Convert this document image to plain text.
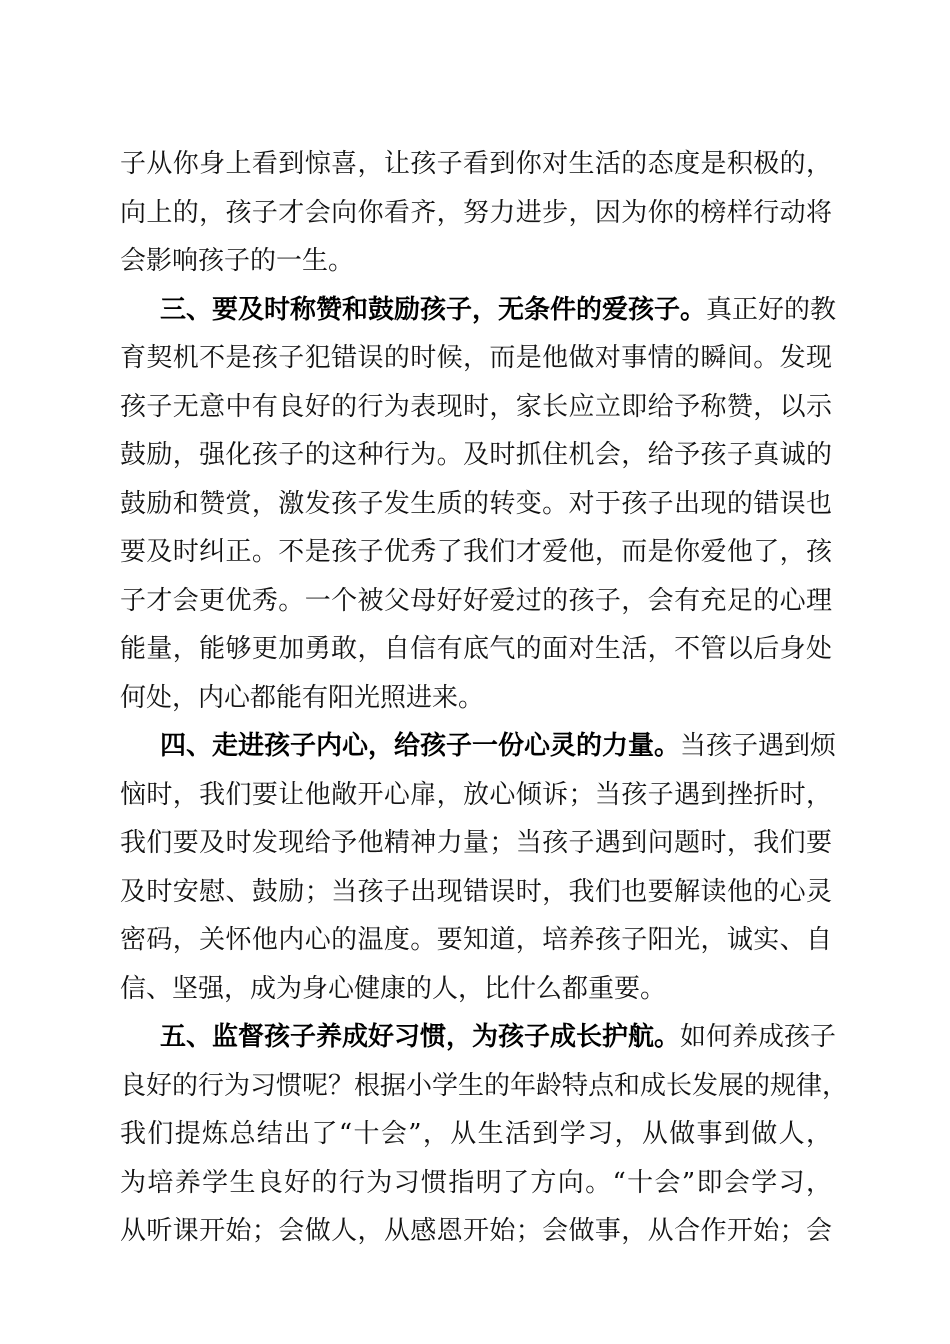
子从你身上看到惊喜，让孩子看到你对生活的态度是积极的，
向上的，孩子才会向你看齐，努力进步，因为你的榜样行动将
会影响孩子的一生。
三、要及时称赞和鼓励孩子，无条件的爱孩子。真正好的教
育契机不是孩子犯错误的时候，而是他做对事情的瞬间。发现
孩子无意中有良好的行为表现时，家长应立即给予称赞，以示
鼓励，强化孩子的这种行为。及时抓住机会，给予孩子真诚的
鼓励和赞赏，激发孩子发生质的转变。对于孩子出现的错误也
要及时纠正。不是孩子优秀了我们才爱他，而是你爱他了，孩
子才会更优秀。一个被父母好好爱过的孩子，会有充足的心理
能量，能够更加勇敢，自信有底气的面对生活，不管以后身处
何处，内心都能有阳光照进来。
四、走进孩子内心，给孩子一份心灵的力量。当孩子遇到烦
恼时，我们要让他敞开心扉，放心倾诉；当孩子遇到挫折时，
我们要及时发现给予他精神力量；当孩子遇到问题时，我们要
及时安慰、鼓励；当孩子出现错误时，我们也要解读他的心灵
密码，关怀他内心的温度。要知道，培养孩子阳光，诚实、自
信、坚强，成为身心健康的人，比什么都重要。
五、监督孩子养成好习惯，为孩子成长护航。如何养成孩子
良好的行为习惯呢？根据小学生的年龄特点和成长发展的规律，
我们提炼总结出了“十会”，从生活到学习，从做事到做人，
为培养学生良好的行为习惯指明了方向。“十会”即会学习，
从听课开始；会做人，从感恩开始；会做事，从合作开始；会
